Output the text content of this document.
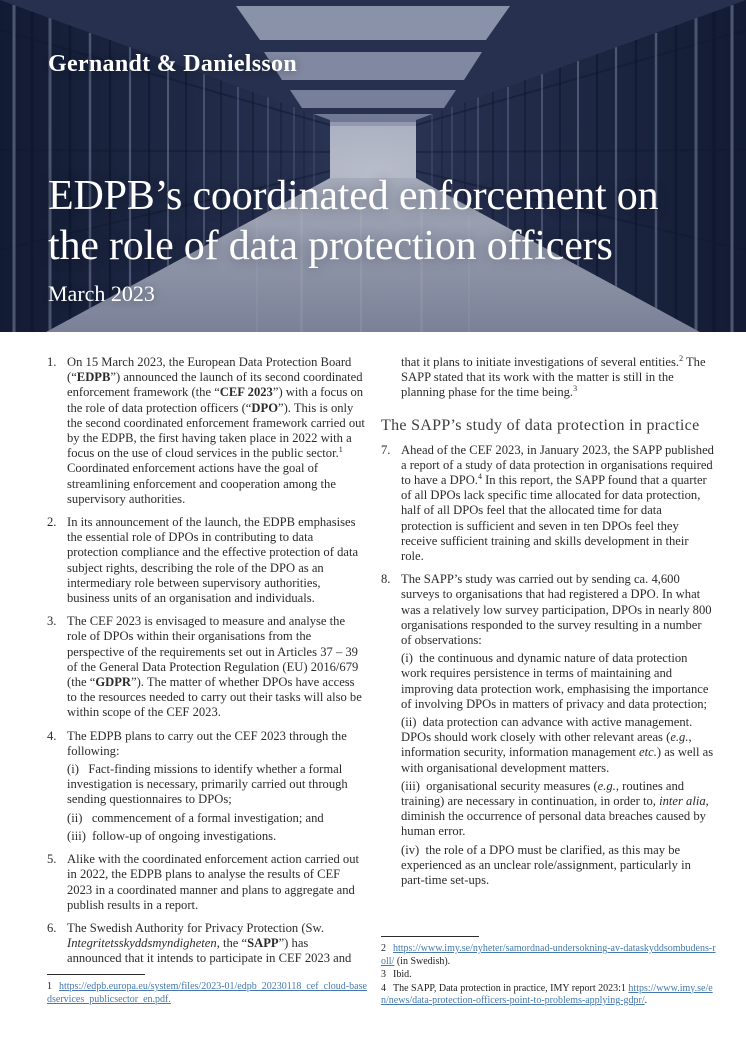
Gernandt & Danielsson
EDPB’s coordinated enforcement on
the role of data protection officers
March 2023
1. On 15 March 2023, the European Data Protection Board (“EDPB”) announced the launch of its second coordinated enforcement framework (the “CEF 2023”) with a focus on the role of data protection officers (“DPO”). This is only the second coordinated enforcement framework carried out by the EDPB, the first having taken place in 2022 with a focus on the use of cloud services in the public sector.$^1$ Coordinated enforcement actions have the goal of streamlining enforcement and cooperation among the supervisory authorities.
2. In its announcement of the launch, the EDPB emphasises the essential role of DPOs in contributing to data protection compliance and the effective protection of data subject rights, describing the role of the DPO as an intermediary role between supervisory authorities, business units of an organisation and individuals.
3. The CEF 2023 is envisaged to measure and analyse the role of DPOs within their organisations from the perspective of the requirements set out in Articles 37 – 39 of the General Data Protection Regulation (EU) 2016/679 (the “GDPR”). The matter of whether DPOs have access to the resources needed to carry out their tasks will also be within scope of the CEF 2023.
4. The EDPB plans to carry out the CEF 2023 through the following:
(i)   Fact-finding missions to identify whether a formal investigation is necessary, primarily carried out through sending questionnaires to DPOs;
(ii)   commencement of a formal investigation; and
(iii)  follow-up of ongoing investigations.
5. Alike with the coordinated enforcement action carried out in 2022, the EDPB plans to analyse the results of CEF 2023 in a coordinated manner and plans to aggregate and publish results in a report.
6. The Swedish Authority for Privacy Protection (Sw. Integritetsskyddsmyndigheten, the “SAPP”) has announced that it intends to participate in CEF 2023 and
that it plans to initiate investigations of several entities.$^2$ The SAPP stated that its work with the matter is still in the planning phase for the time being.$^3$
The SAPP’s study of data protection in practice
7. Ahead of the CEF 2023, in January 2023, the SAPP published a report of a study of data protection in organisations required to have a DPO.$^4$ In this report, the SAPP found that a quarter of all DPOs lack specific time allocated for data protection, half of all DPOs feel that the allocated time for data protection is sufficient and seven in ten DPOs feel they receive sufficient training and skills development in their role.
8. The SAPP’s study was carried out by sending ca. 4,600 surveys to organisations that had registered a DPO. In what was a relatively low survey participation, DPOs in nearly 800 organisations responded to the survey resulting in a number of observations:
(i)  the continuous and dynamic nature of data protection work requires persistence in terms of maintaining and improving data protection work, emphasising the importance of involving DPOs in matters of privacy and data protection;
(ii)  data protection can advance with active management. DPOs should work closely with other relevant areas (e.g., information security, information management etc.) as well as with organisational development matters.
(iii)  organisational security measures (e.g., routines and training) are necessary in continuation, in order to, inter alia, diminish the occurrence of personal data breaches caused by human error.
(iv)  the role of a DPO must be clarified, as this may be experienced as an unclear role/assignment, particularly in part-time set-ups.
1 https://edpb.europa.eu/system/files/2023-01/edpb_20230118_cef_cloud-basedservices_publicsector_en.pdf.
2 https://www.imy.se/nyheter/samordnad-undersokning-av-dataskyddsombudens-roll/ (in Swedish).
3 Ibid.
4 The SAPP, Data protection in practice, IMY report 2023:1 https://www.imy.se/en/news/data-protection-officers-point-to-problems-applying-gdpr/.
